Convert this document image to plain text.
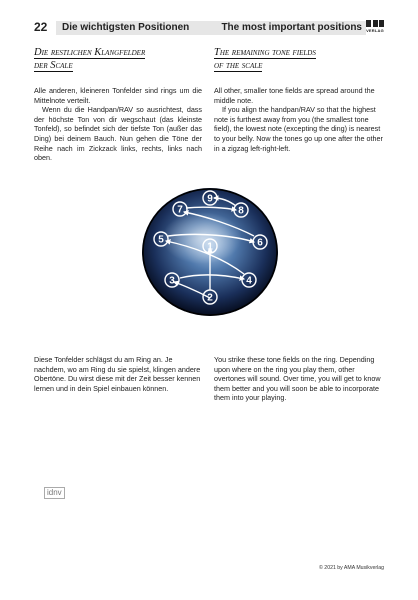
22 Die wichtigsten Positionen	The most important positions VERLAG
Die restlichen Klangfelder
der Scale
The remaining tone fields
of the scale

Alle anderen, kleineren Tonfelder sind rings um die Mittelnote verteilt.

Wenn du die Handpan/RAV so ausrichtest, dass der höchste Ton von dir wegschaut (das kleinste Tonfeld), so befindet sich der tiefste Ton (außer das Ding) bei deinem Bauch. Nun gehen die Töne der Reihe nach im Zickzack links, rechts, links nach oben.

All other, smaller tone fields are spread around the middle note.

If you align the handpan/RAV so that the highest note is furthest away from you (the smallest tone field), the lowest note (excepting the ding) is nearest to your belly. Now the tones go up one after the other in a zigzag left-right-left.

1
2
3	4
5	6
7	8
9

Diese Tonfelder schlägst du am Ring an. Je nachdem, wo am Ring du sie spielst, klingen andere Obertöne. Du wirst diese mit der Zeit besser kennen lernen und in dein Spiel einbauen können.

You strike these tone fields on the ring. Depending upon where on the ring you play them, other overtones will sound. Over time, you will get to know them better and you will soon be able to incorporate them into your playing.

idnv
© 2021 by AMA Musikverlag
